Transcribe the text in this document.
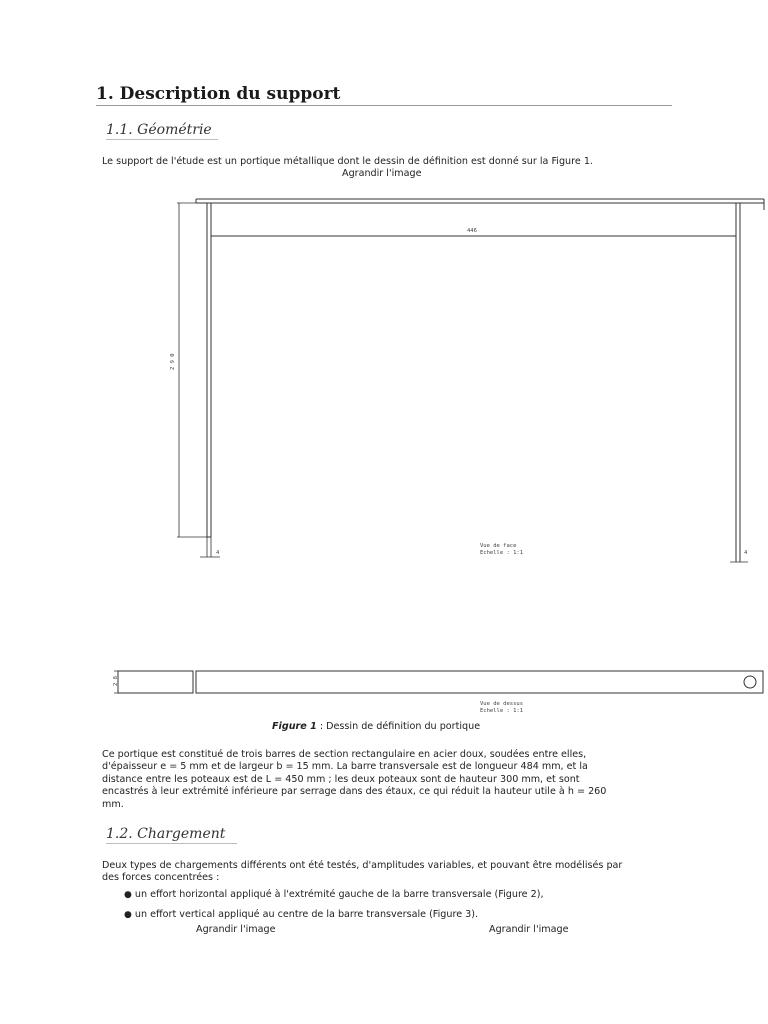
1. Description du support
1.1. Géométrie
Le support de l'étude est un portique métallique dont le dessin de définition est donné sur la Figure 1.
Agrandir l'image
446
2 9 0
4	4
Vue de face
Echelle : 1:1
2 8
Vue de dessus
Echelle : 1:1
Figure 1 : Dessin de définition du portique
Ce portique est constitué de trois barres de section rectangulaire en acier doux, soudées entre elles,
d'épaisseur e = 5 mm et de largeur b = 15 mm. La barre transversale est de longueur 484 mm, et la
distance entre les poteaux est de L = 450 mm ; les deux poteaux sont de hauteur 300 mm, et sont
encastrés à leur extrémité inférieure par serrage dans des étaux, ce qui réduit la hauteur utile à h = 260
mm.
1.2. Chargement
Deux types de chargements différents ont été testés, d'amplitudes variables, et pouvant être modélisés par
des forces concentrées :
● un effort horizontal appliqué à l'extrémité gauche de la barre transversale (Figure 2),
● un effort vertical appliqué au centre de la barre transversale (Figure 3).
Agrandir l'image	Agrandir l'image
